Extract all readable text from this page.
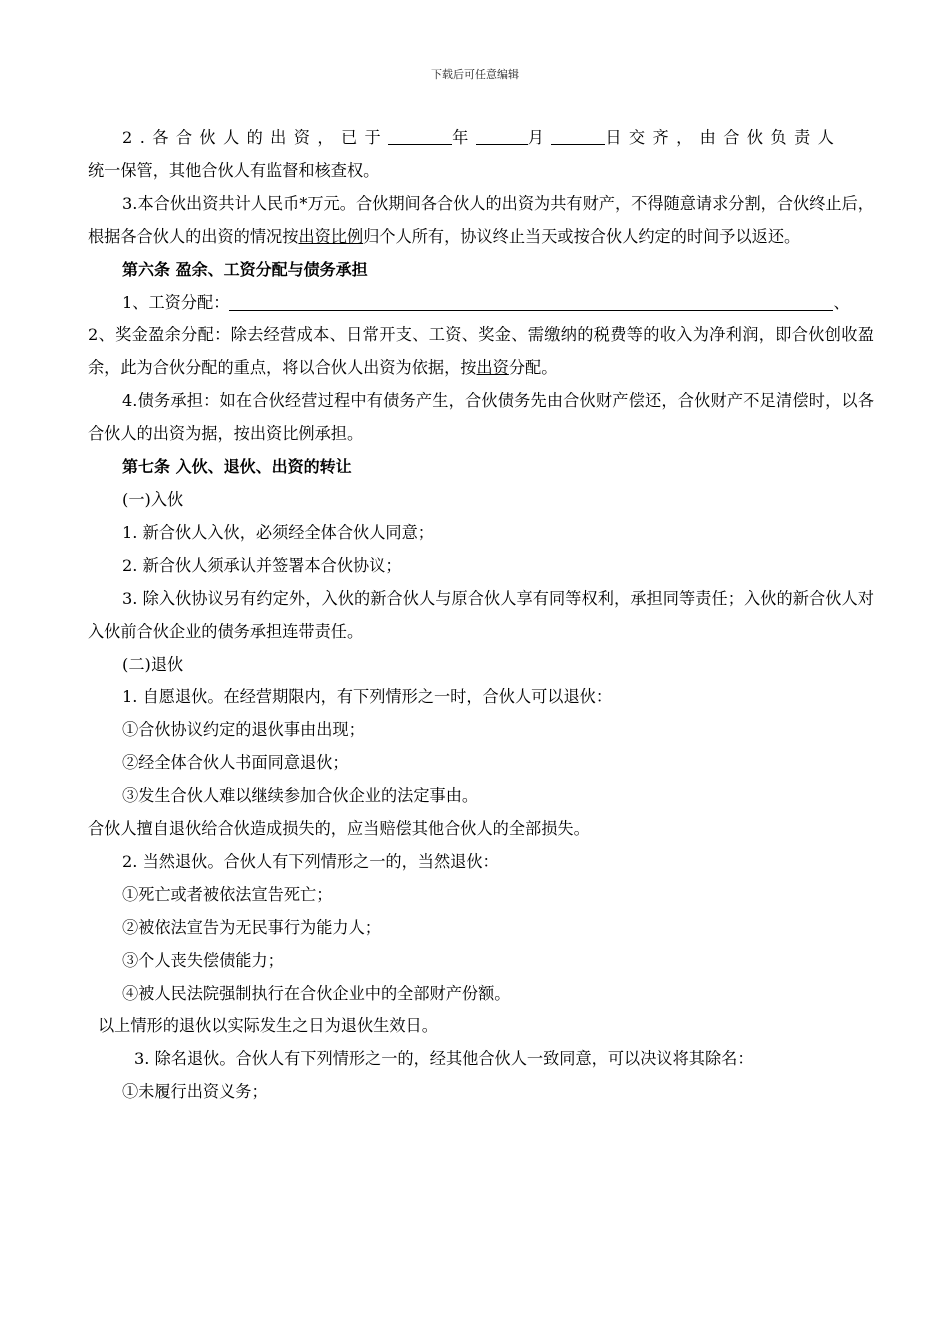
下载后可任意编辑

2.各合伙人的出资，已于	年	月	日交齐，由合伙负责人

统一保管，其他合伙人有监督和核查权。

3.本合伙出资共计人民币*万元。合伙期间各合伙人的出资为共有财产，不得随意请求分割，合伙终止后，根据各合伙人的出资的情况按出资比例归个人所有，协议终止当天或按合伙人约定的时间予以返还。

第六条 盈余、工资分配与债务承担

1、工资分配：	、

2、奖金盈余分配：除去经营成本、日常开支、工资、奖金、需缴纳的税费等的收入为净利润，即合伙创收盈余，此为合伙分配的重点，将以合伙人出资为依据，按出资分配。

4.债务承担：如在合伙经营过程中有债务产生，合伙债务先由合伙财产偿还，合伙财产不足清偿时，以各合伙人的出资为据，按出资比例承担。

第七条 入伙、退伙、出资的转让

(一)入伙

1. 新合伙人入伙，必须经全体合伙人同意；

2. 新合伙人须承认并签署本合伙协议；

3. 除入伙协议另有约定外，入伙的新合伙人与原合伙人享有同等权利，承担同等责任；入伙的新合伙人对入伙前合伙企业的债务承担连带责任。

(二)退伙

1. 自愿退伙。在经营期限内，有下列情形之一时，合伙人可以退伙：

①合伙协议约定的退伙事由出现；

②经全体合伙人书面同意退伙；

③发生合伙人难以继续参加合伙企业的法定事由。

合伙人擅自退伙给合伙造成损失的，应当赔偿其他合伙人的全部损失。

2. 当然退伙。合伙人有下列情形之一的，当然退伙：

①死亡或者被依法宣告死亡；

②被依法宣告为无民事行为能力人；

③个人丧失偿债能力；

④被人民法院强制执行在合伙企业中的全部财产份额。

以上情形的退伙以实际发生之日为退伙生效日。

3. 除名退伙。合伙人有下列情形之一的，经其他合伙人一致同意，可以决议将其除名：

①未履行出资义务；
